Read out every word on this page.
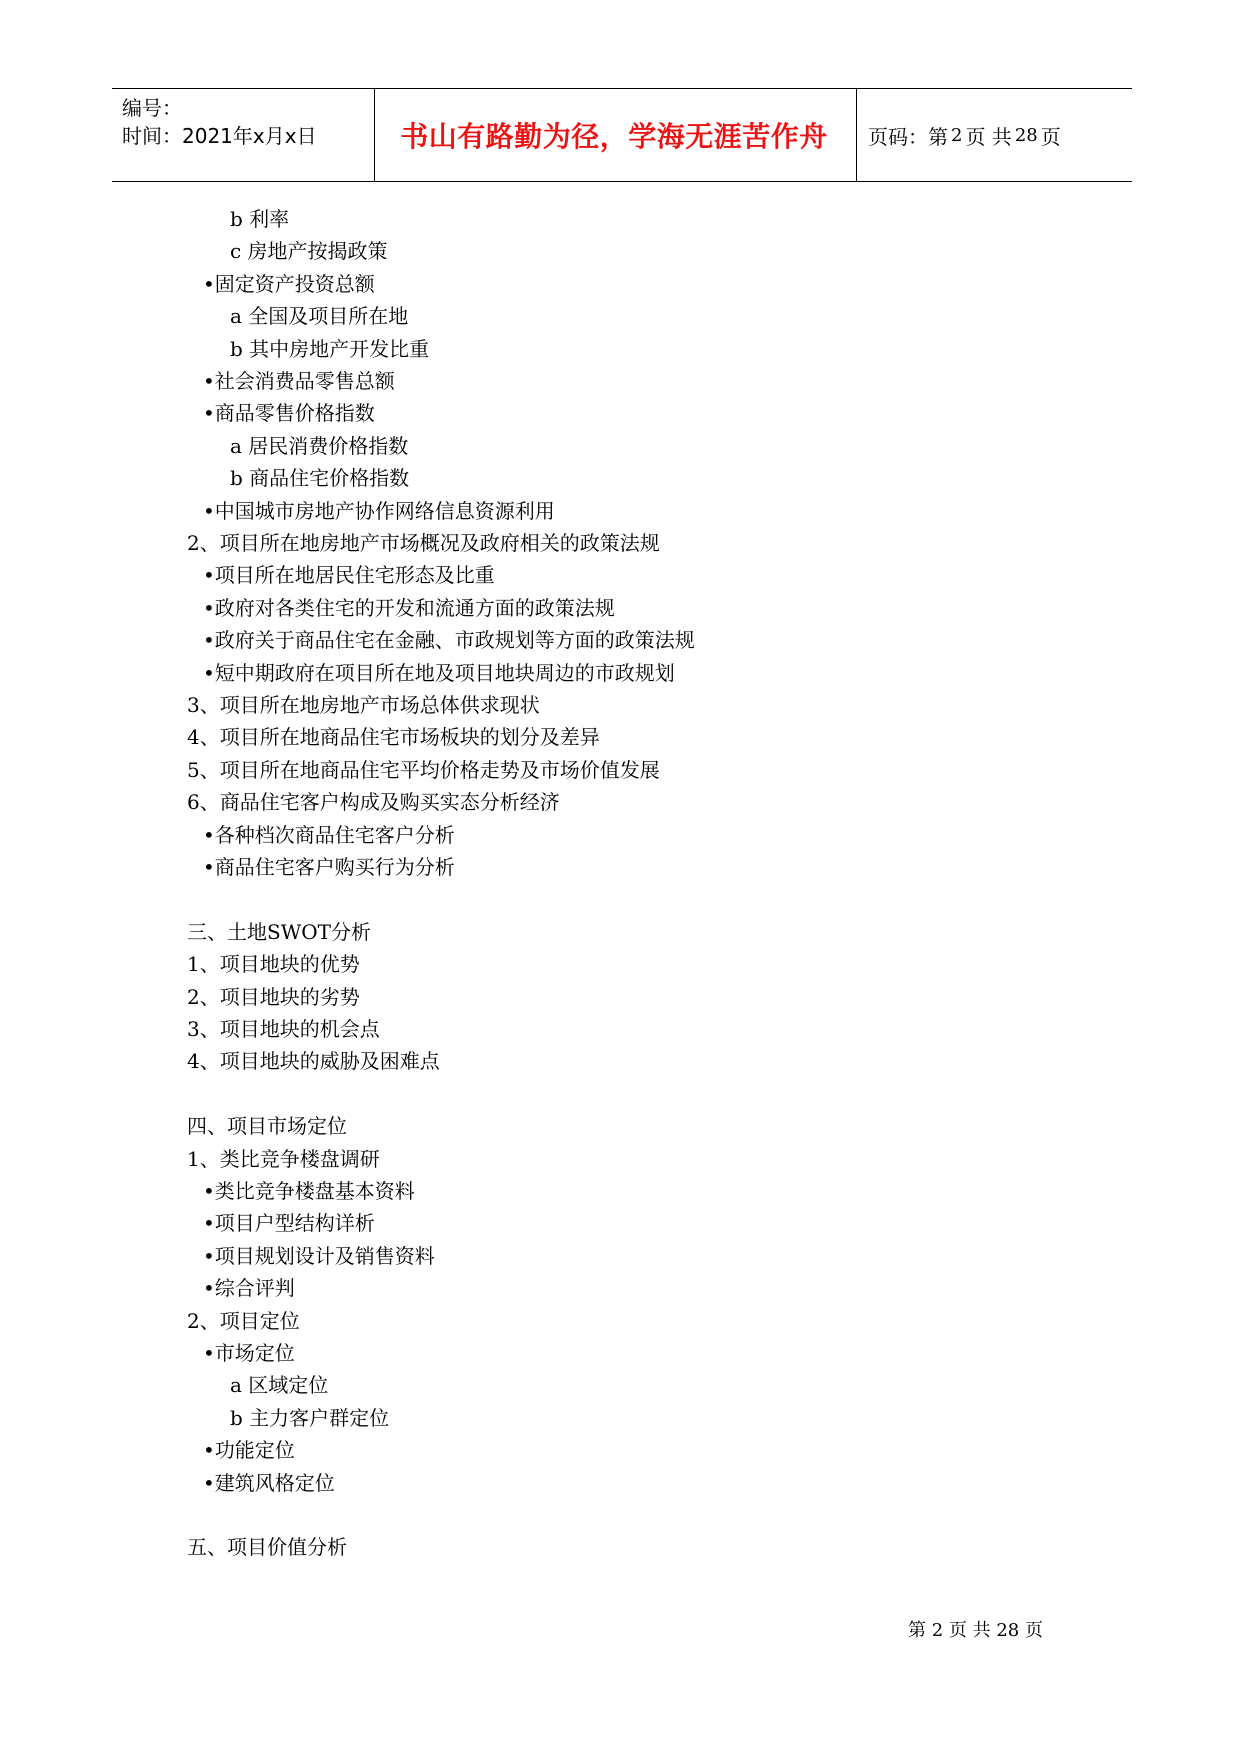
编号：
时间：2021年x月x日	书山有路勤为径，学海无涯苦作舟	页码：第 2 页 共 28 页
b 利率
c 房地产按揭政策
•固定资产投资总额
a 全国及项目所在地
b 其中房地产开发比重
•社会消费品零售总额
•商品零售价格指数
a 居民消费价格指数
b 商品住宅价格指数
•中国城市房地产协作网络信息资源利用
2、项目所在地房地产市场概况及政府相关的政策法规
•项目所在地居民住宅形态及比重
•政府对各类住宅的开发和流通方面的政策法规
•政府关于商品住宅在金融、市政规划等方面的政策法规
•短中期政府在项目所在地及项目地块周边的市政规划
3、项目所在地房地产市场总体供求现状
4、项目所在地商品住宅市场板块的划分及差异
5、项目所在地商品住宅平均价格走势及市场价值发展
6、商品住宅客户构成及购买实态分析经济
•各种档次商品住宅客户分析
•商品住宅客户购买行为分析
三、土地SWOT分析
1、项目地块的优势
2、项目地块的劣势
3、项目地块的机会点
4、项目地块的威胁及困难点
四、项目市场定位
1、类比竞争楼盘调研
•类比竞争楼盘基本资料
•项目户型结构详析
•项目规划设计及销售资料
•综合评判
2、项目定位
•市场定位
a 区域定位
b 主力客户群定位
•功能定位
•建筑风格定位
五、项目价值分析
第 2 页 共 28 页
